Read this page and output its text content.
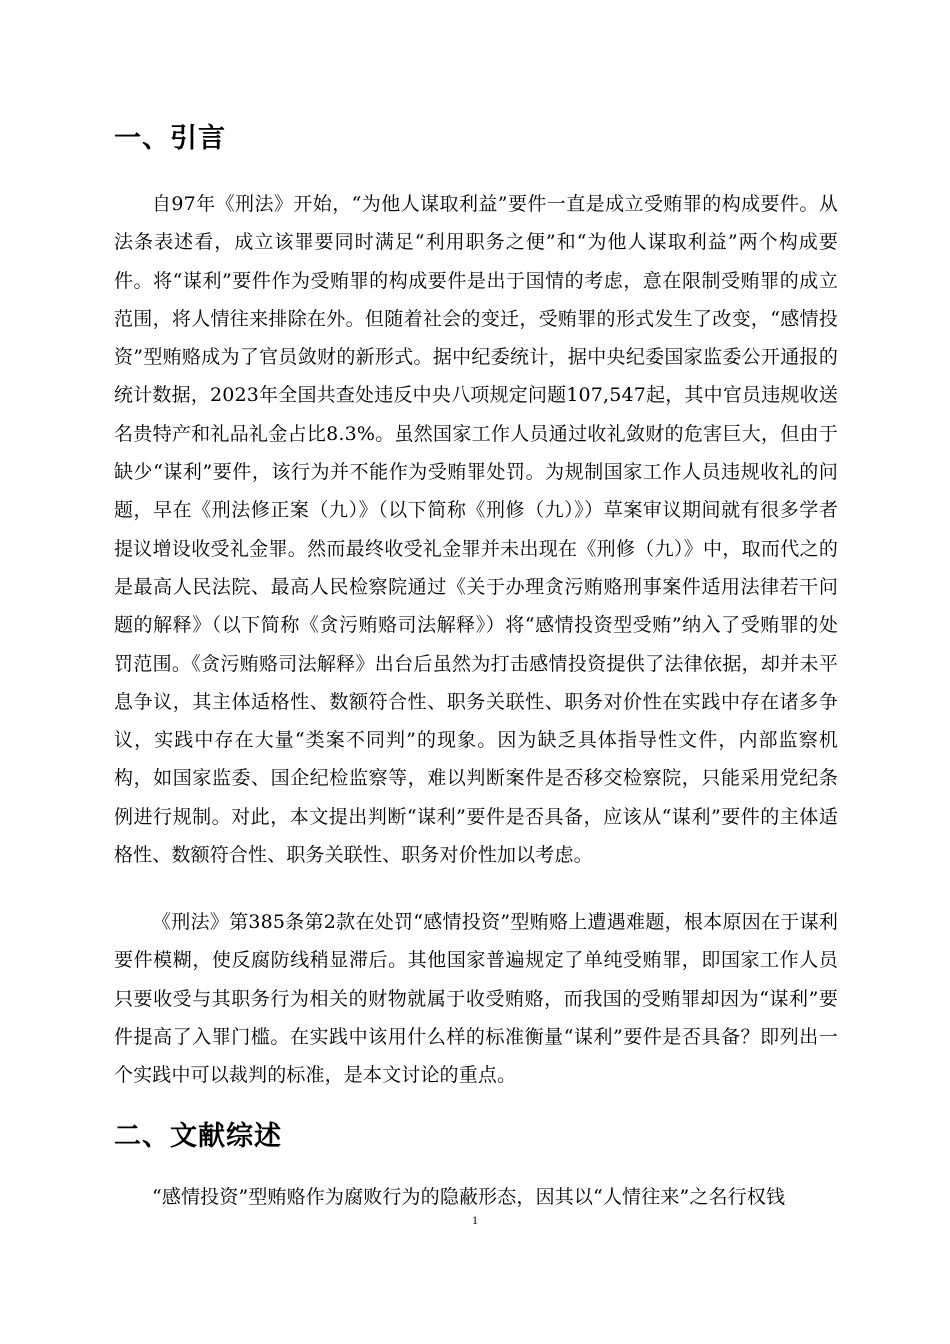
一、引言

自97年《刑法》开始，“为他人谋取利益”要件一直是成立受贿罪的构成要件。从法条表述看，成立该罪要同时满足“利用职务之便”和“为他人谋取利益”两个构成要件。将“谋利”要件作为受贿罪的构成要件是出于国情的考虑，意在限制受贿罪的成立范围，将人情往来排除在外。但随着社会的变迁，受贿罪的形式发生了改变，“感情投资”型贿赂成为了官员敛财的新形式。据中纪委统计，据中央纪委国家监委公开通报的统计数据，2023年全国共查处违反中央八项规定问题107,547起，其中官员违规收送名贵特产和礼品礼金占比8.3%。虽然国家工作人员通过收礼敛财的危害巨大，但由于缺少“谋利”要件，该行为并不能作为受贿罪处罚。为规制国家工作人员违规收礼的问题，早在《刑法修正案（九）》（以下简称《刑修（九）》）草案审议期间就有很多学者提议增设收受礼金罪。然而最终收受礼金罪并未出现在《刑修（九）》中，取而代之的是最高人民法院、最高人民检察院通过《关于办理贪污贿赂刑事案件适用法律若干问题的解释》（以下简称《贪污贿赂司法解释》）将“感情投资型受贿”纳入了受贿罪的处罚范围。《贪污贿赂司法解释》出台后虽然为打击感情投资提供了法律依据，却并未平息争议，其主体适格性、数额符合性、职务关联性、职务对价性在实践中存在诸多争议，实践中存在大量“类案不同判”的现象。因为缺乏具体指导性文件，内部监察机构，如国家监委、国企纪检监察等，难以判断案件是否移交检察院，只能采用党纪条例进行规制。对此，本文提出判断“谋利”要件是否具备，应该从“谋利”要件的主体适格性、数额符合性、职务关联性、职务对价性加以考虑。

《刑法》第385条第2款在处罚“感情投资”型贿赂上遭遇难题，根本原因在于谋利要件模糊，使反腐防线稍显滞后。其他国家普遍规定了单纯受贿罪，即国家工作人员只要收受与其职务行为相关的财物就属于收受贿赂，而我国的受贿罪却因为“谋利”要件提高了入罪门槛。在实践中该用什么样的标准衡量“谋利”要件是否具备？即列出一个实践中可以裁判的标准，是本文讨论的重点。

二、文献综述

“感情投资”型贿赂作为腐败行为的隐蔽形态，因其以“人情往来”之名行权钱

1
